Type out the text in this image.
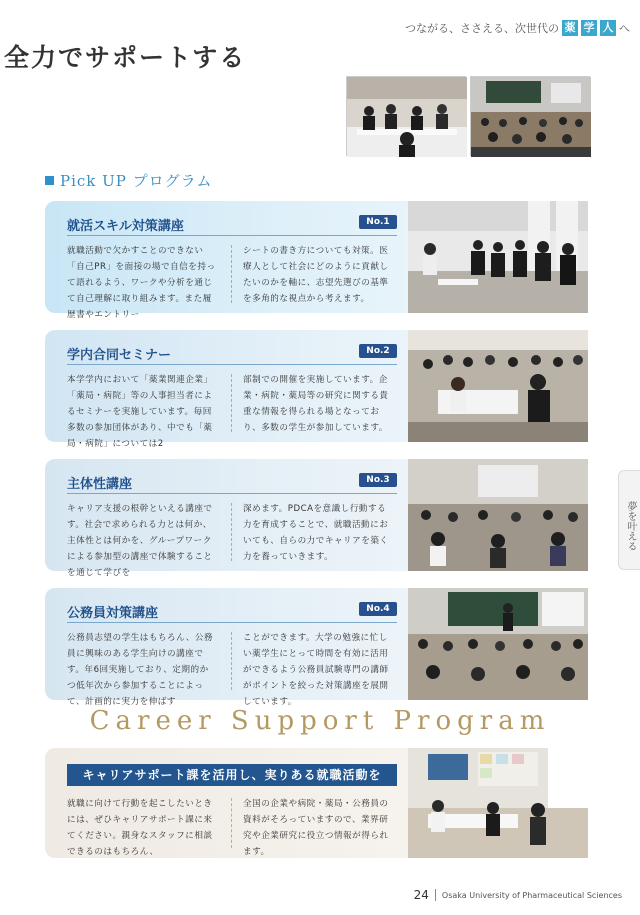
つながる、ささえる、次世代の 薬 学 人 へ
全力でサポートする
Pick UP プログラム
就活スキル対策講座	No.1
就職活動で欠かすことのできない「自己PR」を面接の場で自信を持って語れるよう、ワークや分析を通じて自己理解に取り組みます。また履歴書やエントリー
シートの書き方についても対策。医療人として社会にどのように貢献したいのかを軸に、志望先選びの基準を多角的な視点から考えます。
学内合同セミナー	No.2
本学学内において「薬業関連企業」「薬局・病院」等の人事担当者によるセミナーを実施しています。毎回多数の参加団体があり、中でも「薬局・病院」については2
部制での開催を実施しています。企業・病院・薬局等の研究に関する貴重な情報を得られる場となっており、多数の学生が参加しています。
主体性講座	No.3
キャリア支援の根幹といえる講座です。社会で求められる力とは何か、主体性とは何かを、グループワークによる参加型の講座で体験することを通じて学びを
深めます。PDCAを意識し行動する力を育成することで、就職活動においても、自らの力でキャリアを築く力を養っていきます。
公務員対策講座	No.4
公務員志望の学生はもちろん、公務員に興味のある学生向けの講座です。年6回実施しており、定期的かつ低年次から参加することによって、計画的に実力を伸ばす
ことができます。大学の勉強に忙しい薬学生にとって時間を有効に活用ができるよう公務員試験専門の講師がポイントを絞った対策講座を展開しています。
Career Support Program
キャリアサポート課を活用し、実りある就職活動を
就職に向けて行動を起こしたいときには、ぜひキャリアサポート課に来てください。親身なスタッフに相談できるのはもちろん、
全国の企業や病院・薬局・公務員の資料がそろっていますので、業界研究や企業研究に役立つ情報が得られます。
夢を叶える
24 Osaka University of Pharmaceutical Sciences
